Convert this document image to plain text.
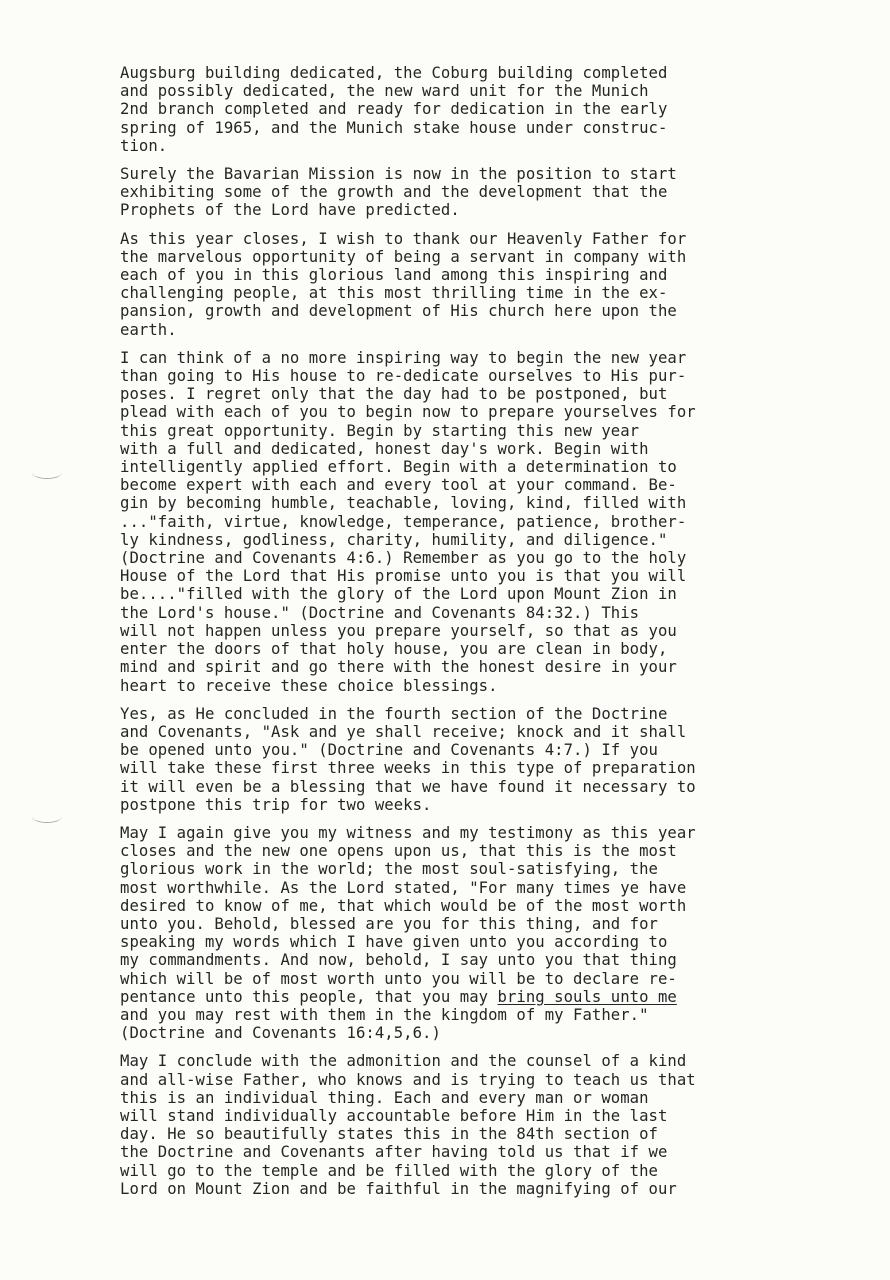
Augsburg building dedicated, the Coburg building completed
and possibly dedicated, the new ward unit for the Munich
2nd branch completed and ready for dedication in the early
spring of 1965, and the Munich stake house under construc-
tion.
Surely the Bavarian Mission is now in the position to start
exhibiting some of the growth and the development that the
Prophets of the Lord have predicted.
As this year closes, I wish to thank our Heavenly Father for
the marvelous opportunity of being a servant in company with
each of you in this glorious land among this inspiring and
challenging people, at this most thrilling time in the ex-
pansion, growth and development of His church here upon the
earth.
I can think of a no more inspiring way to begin the new year
than going to His house to re-dedicate ourselves to His pur-
poses. I regret only that the day had to be postponed, but
plead with each of you to begin now to prepare yourselves for
this great opportunity. Begin by starting this new year
with a full and dedicated, honest day's work. Begin with
intelligently applied effort. Begin with a determination to
become expert with each and every tool at your command. Be-
gin by becoming humble, teachable, loving, kind, filled with
..."faith, virtue, knowledge, temperance, patience, brother-
ly kindness, godliness, charity, humility, and diligence."
(Doctrine and Covenants 4:6.) Remember as you go to the holy
House of the Lord that His promise unto you is that you will
be...."filled with the glory of the Lord upon Mount Zion in
the Lord's house." (Doctrine and Covenants 84:32.) This
will not happen unless you prepare yourself, so that as you
enter the doors of that holy house, you are clean in body,
mind and spirit and go there with the honest desire in your
heart to receive these choice blessings.
Yes, as He concluded in the fourth section of the Doctrine
and Covenants, "Ask and ye shall receive; knock and it shall
be opened unto you." (Doctrine and Covenants 4:7.) If you
will take these first three weeks in this type of preparation
it will even be a blessing that we have found it necessary to
postpone this trip for two weeks.
May I again give you my witness and my testimony as this year
closes and the new one opens upon us, that this is the most
glorious work in the world; the most soul-satisfying, the
most worthwhile. As the Lord stated, "For many times ye have
desired to know of me, that which would be of the most worth
unto you. Behold, blessed are you for this thing, and for
speaking my words which I have given unto you according to
my commandments. And now, behold, I say unto you that thing
which will be of most worth unto you will be to declare re-
pentance unto this people, that you may bring souls unto me
and you may rest with them in the kingdom of my Father."
(Doctrine and Covenants 16:4,5,6.)
May I conclude with the admonition and the counsel of a kind
and all-wise Father, who knows and is trying to teach us that
this is an individual thing. Each and every man or woman
will stand individually accountable before Him in the last
day. He so beautifully states this in the 84th section of
the Doctrine and Covenants after having told us that if we
will go to the temple and be filled with the glory of the
Lord on Mount Zion and be faithful in the magnifying of our
